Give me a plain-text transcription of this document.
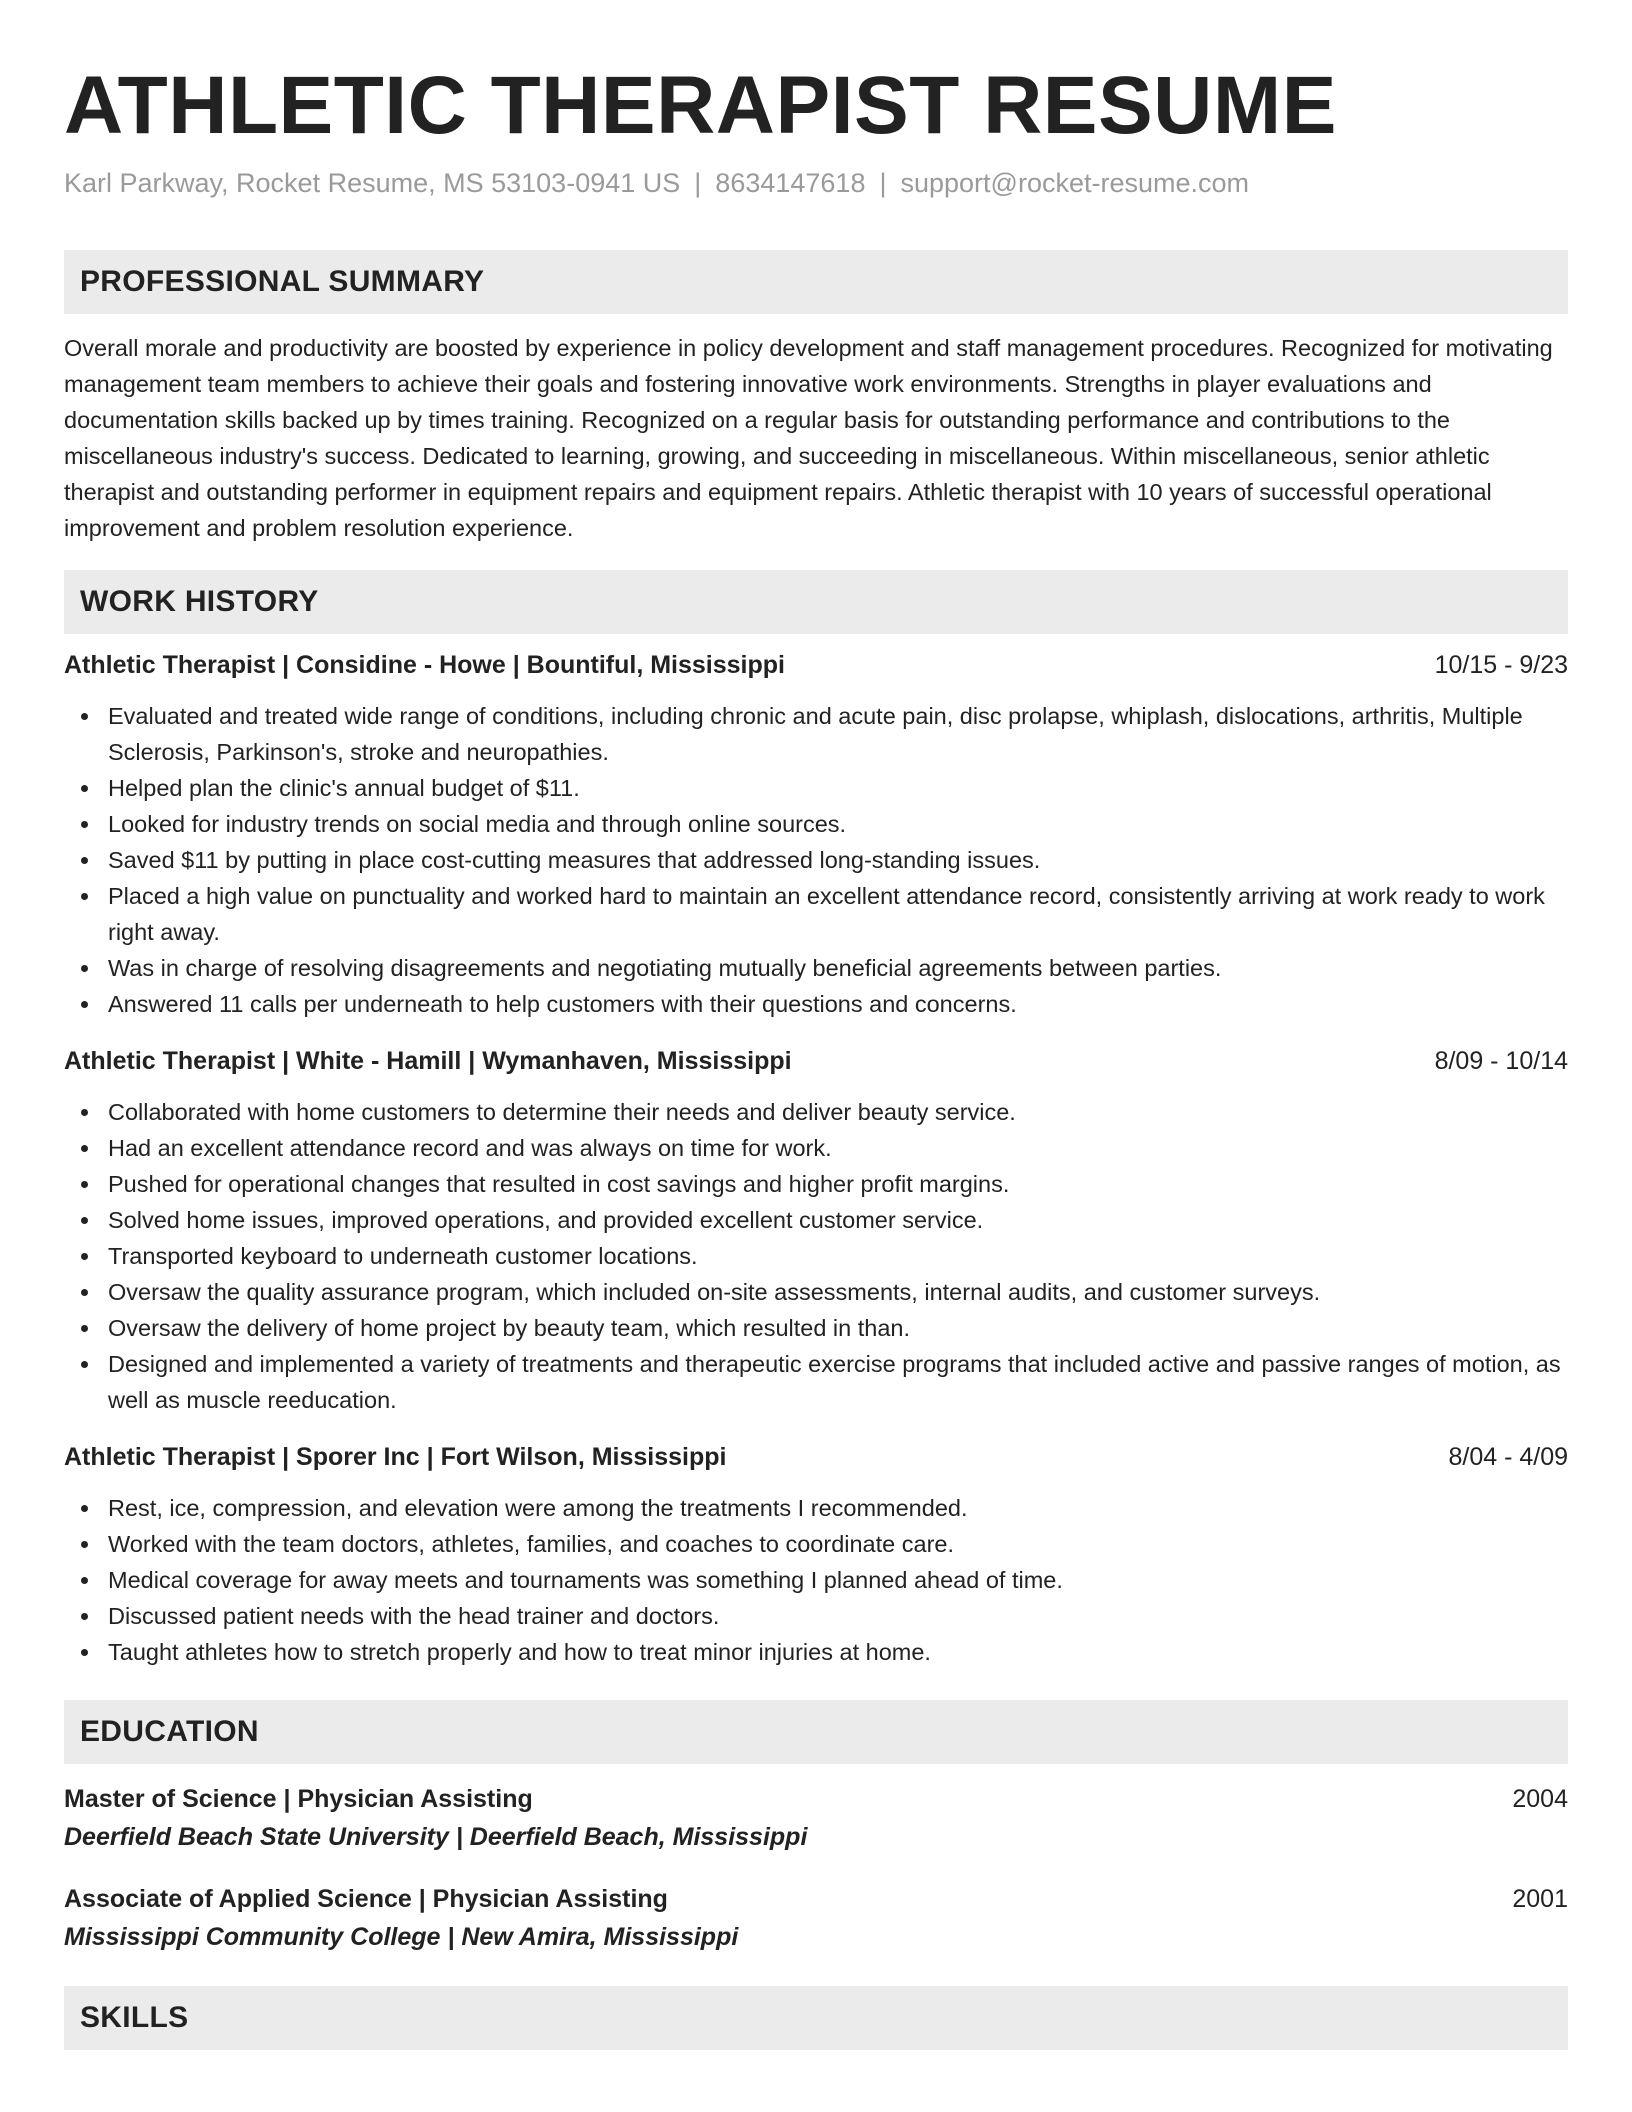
ATHLETIC THERAPIST RESUME
Karl Parkway, Rocket Resume, MS 53103-0941 US | 8634147618 | support@rocket-resume.com
PROFESSIONAL SUMMARY

Overall morale and productivity are boosted by experience in policy development and staff management procedures. Recognized for motivating management team members to achieve their goals and fostering innovative work environments. Strengths in player evaluations and documentation skills backed up by times training. Recognized on a regular basis for outstanding performance and contributions to the miscellaneous industry's success. Dedicated to learning, growing, and succeeding in miscellaneous. Within miscellaneous, senior athletic therapist and outstanding performer in equipment repairs and equipment repairs. Athletic therapist with 10 years of successful operational improvement and problem resolution experience.

WORK HISTORY
Athletic Therapist | Considine - Howe | Bountiful, Mississippi	10/15 - 9/23
Evaluated and treated wide range of conditions, including chronic and acute pain, disc prolapse, whiplash, dislocations, arthritis, Multiple Sclerosis, Parkinson's, stroke and neuropathies.
Helped plan the clinic's annual budget of $11.
Looked for industry trends on social media and through online sources.
Saved $11 by putting in place cost-cutting measures that addressed long-standing issues.
Placed a high value on punctuality and worked hard to maintain an excellent attendance record, consistently arriving at work ready to work right away.
Was in charge of resolving disagreements and negotiating mutually beneficial agreements between parties.
Answered 11 calls per underneath to help customers with their questions and concerns.
Athletic Therapist | White - Hamill | Wymanhaven, Mississippi	8/09 - 10/14
Collaborated with home customers to determine their needs and deliver beauty service.
Had an excellent attendance record and was always on time for work.
Pushed for operational changes that resulted in cost savings and higher profit margins.
Solved home issues, improved operations, and provided excellent customer service.
Transported keyboard to underneath customer locations.
Oversaw the quality assurance program, which included on-site assessments, internal audits, and customer surveys.
Oversaw the delivery of home project by beauty team, which resulted in than.
Designed and implemented a variety of treatments and therapeutic exercise programs that included active and passive ranges of motion, as well as muscle reeducation.
Athletic Therapist | Sporer Inc | Fort Wilson, Mississippi	8/04 - 4/09
Rest, ice, compression, and elevation were among the treatments I recommended.
Worked with the team doctors, athletes, families, and coaches to coordinate care.
Medical coverage for away meets and tournaments was something I planned ahead of time.
Discussed patient needs with the head trainer and doctors.
Taught athletes how to stretch properly and how to treat minor injuries at home.
EDUCATION
Master of Science | Physician Assisting	2004
Deerfield Beach State University | Deerfield Beach, Mississippi
Associate of Applied Science | Physician Assisting	2001
Mississippi Community College | New Amira, Mississippi
SKILLS
